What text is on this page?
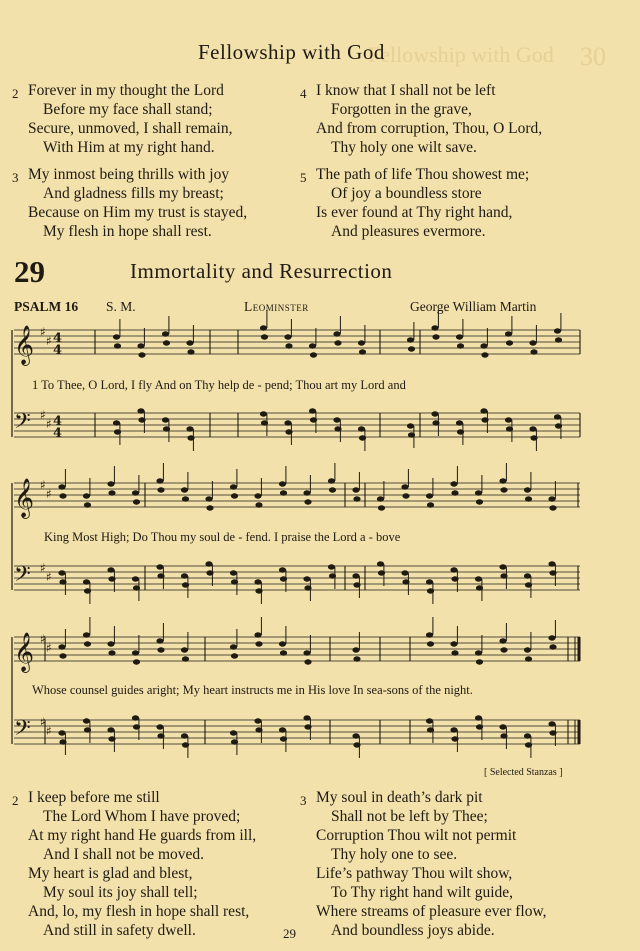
Fellowship with God 30
Fellowship with God
2 Forever in my thought the Lord
Before my face shall stand;
Secure, unmoved, I shall remain,
With Him at my right hand.
4 I know that I shall not be left
Forgotten in the grave,
And from corruption, Thou, O Lord,
Thy holy one wilt save.
3 My inmost being thrills with joy
And gladness fills my breast;
Because on Him my trust is stayed,
My flesh in hope shall rest.
5 The path of life Thou showest me;
Of joy a boundless store
Is ever found at Thy right hand,
And pleasures evermore.
29	Immortality and Resurrection
PSALM 16 S. M.	Leominster	George William Martin
𝄞 ♯
♯ 4
4
𝄢 ♯
♯ 4
4
𝄞 ♯
♯
𝄢 ♯
♯
𝄞 ♯
♯
𝄢 ♯
♯
1 To Thee, O Lord, I fly And on Thy help de - pend; Thou art my Lord and
King Most High; Do Thou my soul de - fend. I praise the Lord a - bove
Whose counsel guides aright; My heart instructs me in His love In sea-sons of the night.
[ Selected Stanzas ]
2 I keep before me still
The Lord Whom I have proved;
At my right hand He guards from ill,
And I shall not be moved.
My heart is glad and blest,
My soul its joy shall tell;
And, lo, my flesh in hope shall rest,
And still in safety dwell.
3 My soul in death’s dark pit
Shall not be left by Thee;
Corruption Thou wilt not permit
Thy holy one to see.
Life’s pathway Thou wilt show,
To Thy right hand wilt guide,
Where streams of pleasure ever flow,
And boundless joys abide.
29
